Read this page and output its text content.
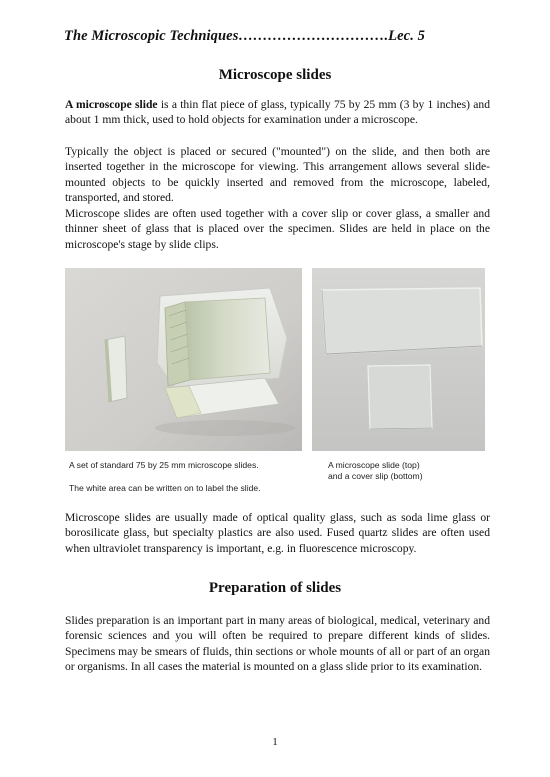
The Microscopic Techniques………………………….Lec. 5
Microscope slides
A microscope slide is a thin flat piece of glass, typically 75 by 25 mm (3 by 1 inches) and about 1 mm thick, used to hold objects for examination under a microscope.
Typically the object is placed or secured ("mounted") on the slide, and then both are inserted together in the microscope for viewing. This arrangement allows several slide-mounted objects to be quickly inserted and removed from the microscope, labeled, transported, and stored.
Microscope slides are often used together with a cover slip or cover glass, a smaller and thinner sheet of glass that is placed over the specimen. Slides are held in place on the microscope's stage by slide clips.
A set of standard 75 by 25 mm microscope slides.
The white area can be written on to label the slide.
A microscope slide (top)
and a cover slip (bottom)
Microscope slides are usually made of optical quality glass, such as soda lime glass or borosilicate glass, but specialty plastics are also used. Fused quartz slides are often used when ultraviolet transparency is important, e.g. in fluorescence microscopy.
Preparation of slides
Slides preparation is an important part in many areas of biological, medical, veterinary and forensic sciences and you will often be required to prepare different kinds of slides. Specimens may be smears of fluids, thin sections or whole mounts of all or part of an organ or organisms. In all cases the material is mounted on a glass slide prior to its examination.
1
